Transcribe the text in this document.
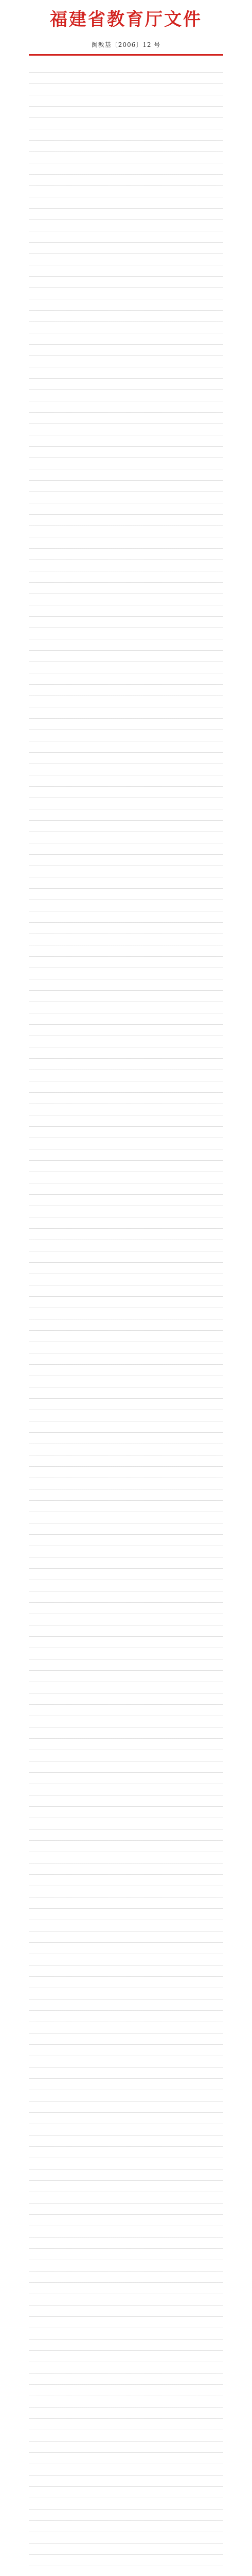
福建省教育厅文件
闽教基〔2006〕12 号
